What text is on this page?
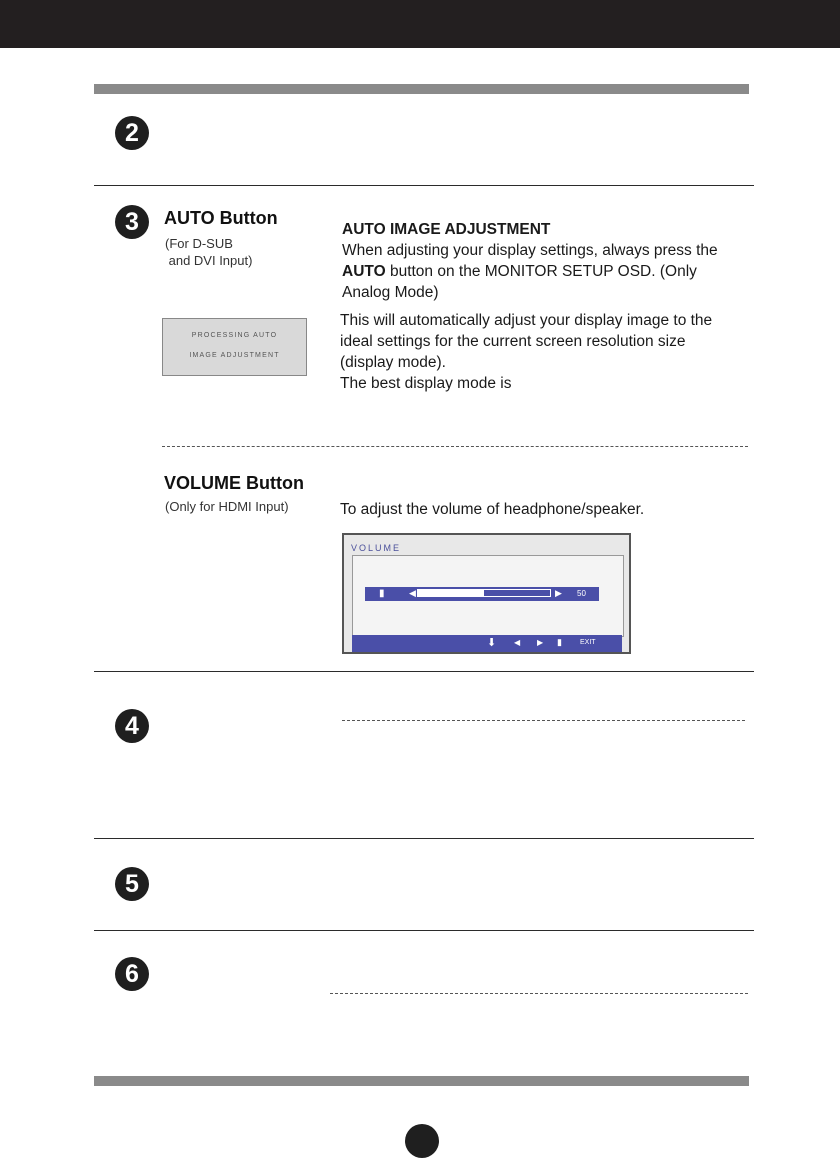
2
3	AUTO Button
(For D-SUB
and DVI Input)
AUTO IMAGE ADJUSTMENT
When adjusting your display settings, always press the
AUTO button on the MONITOR SETUP OSD. (Only
Analog Mode)
PROCESSING AUTO
IMAGE ADJUSTMENT
This will automatically adjust your display image to the
ideal settings for the current screen resolution size
(display mode).
The best display mode is
VOLUME Button
(Only for HDMI Input)	To adjust the volume of headphone/speaker.
VOLUME
▮	◀	▶ 50
⬇ ◀ ▶ ▮	EXIT
4
5
6
